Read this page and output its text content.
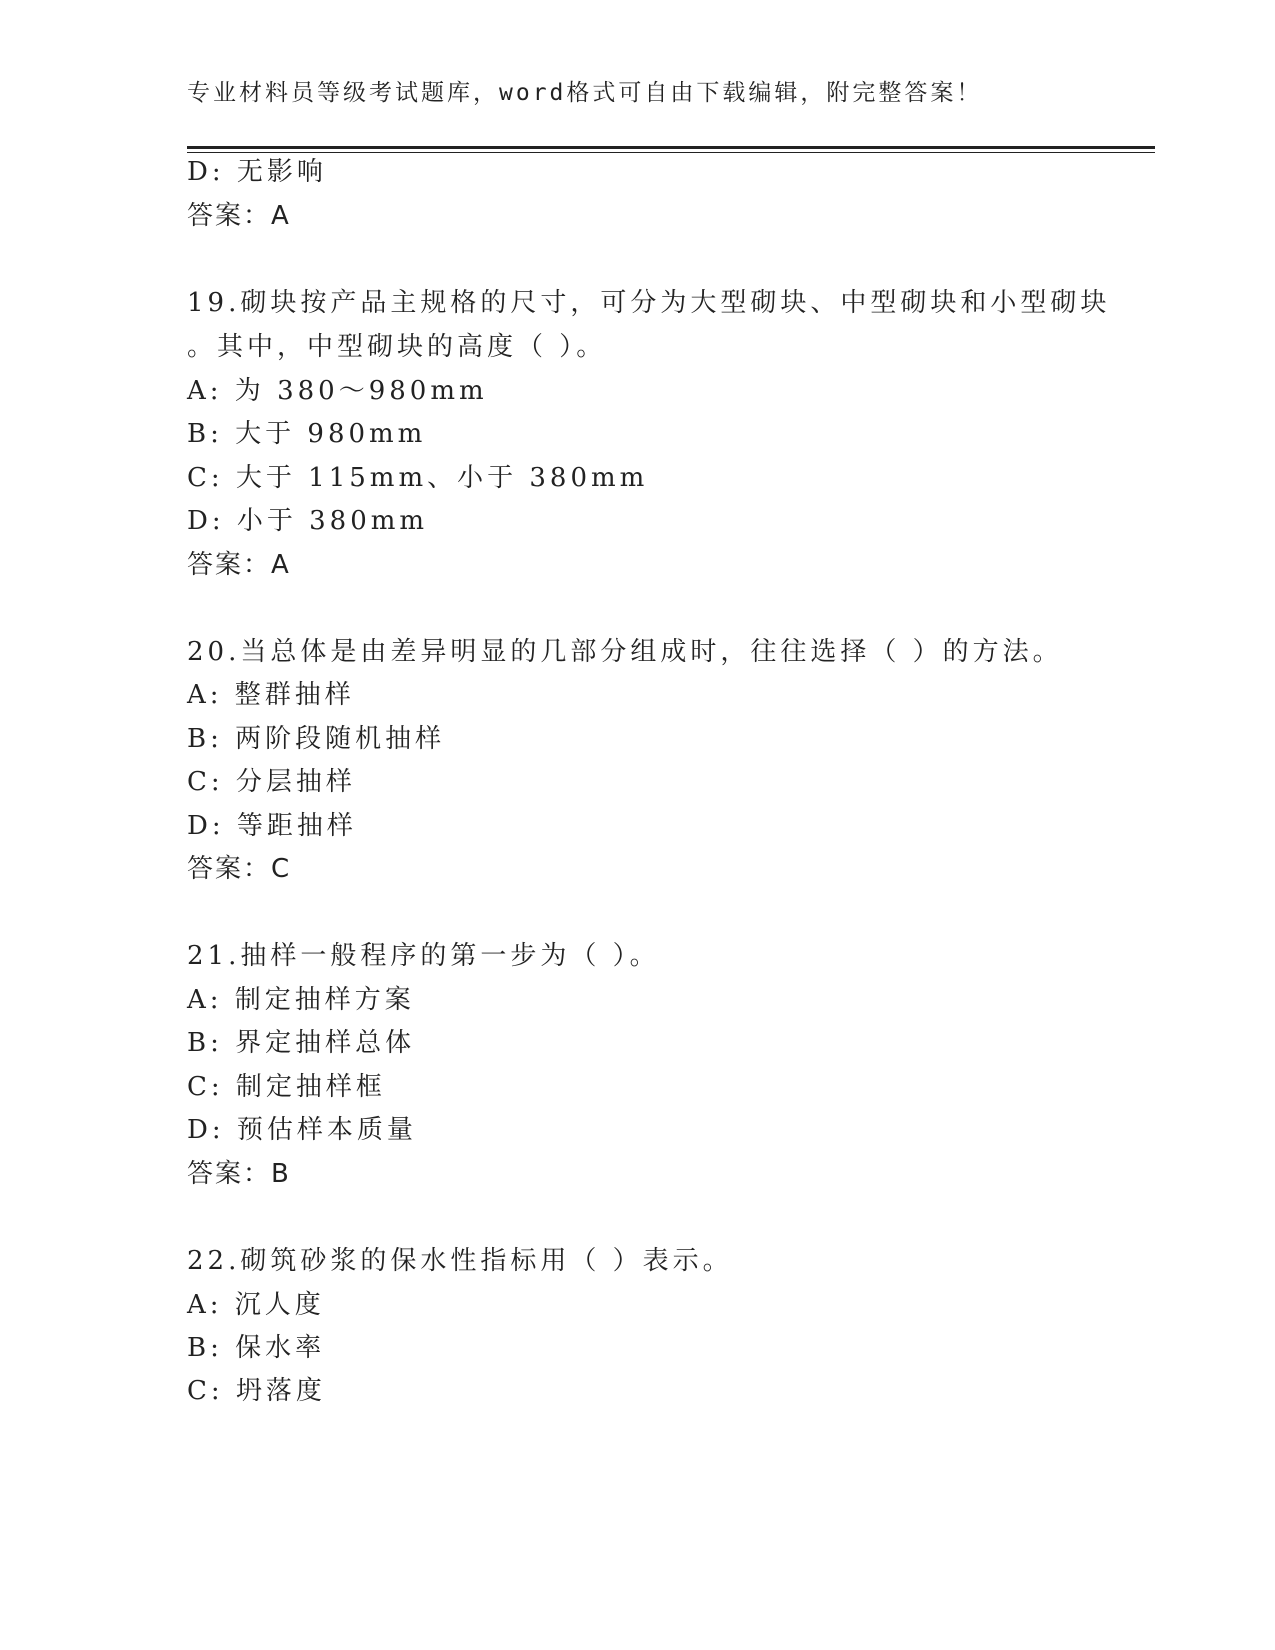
专业材料员等级考试题库，word格式可自由下载编辑，附完整答案！
D: 无影响
答案：A
19.砌块按产品主规格的尺寸，可分为大型砌块、中型砌块和小型砌块
。其中，中型砌块的高度（ ）。
A: 为 380～980mm
B: 大于 980mm
C: 大于 115mm、小于 380mm
D: 小于 380mm
答案：A
20.当总体是由差异明显的几部分组成时，往往选择（ ）的方法。
A: 整群抽样
B: 两阶段随机抽样
C: 分层抽样
D: 等距抽样
答案：C
21.抽样一般程序的第一步为（ ）。
A: 制定抽样方案
B: 界定抽样总体
C: 制定抽样框
D: 预估样本质量
答案：B
22.砌筑砂浆的保水性指标用（ ）表示。
A: 沉人度
B: 保水率
C: 坍落度
